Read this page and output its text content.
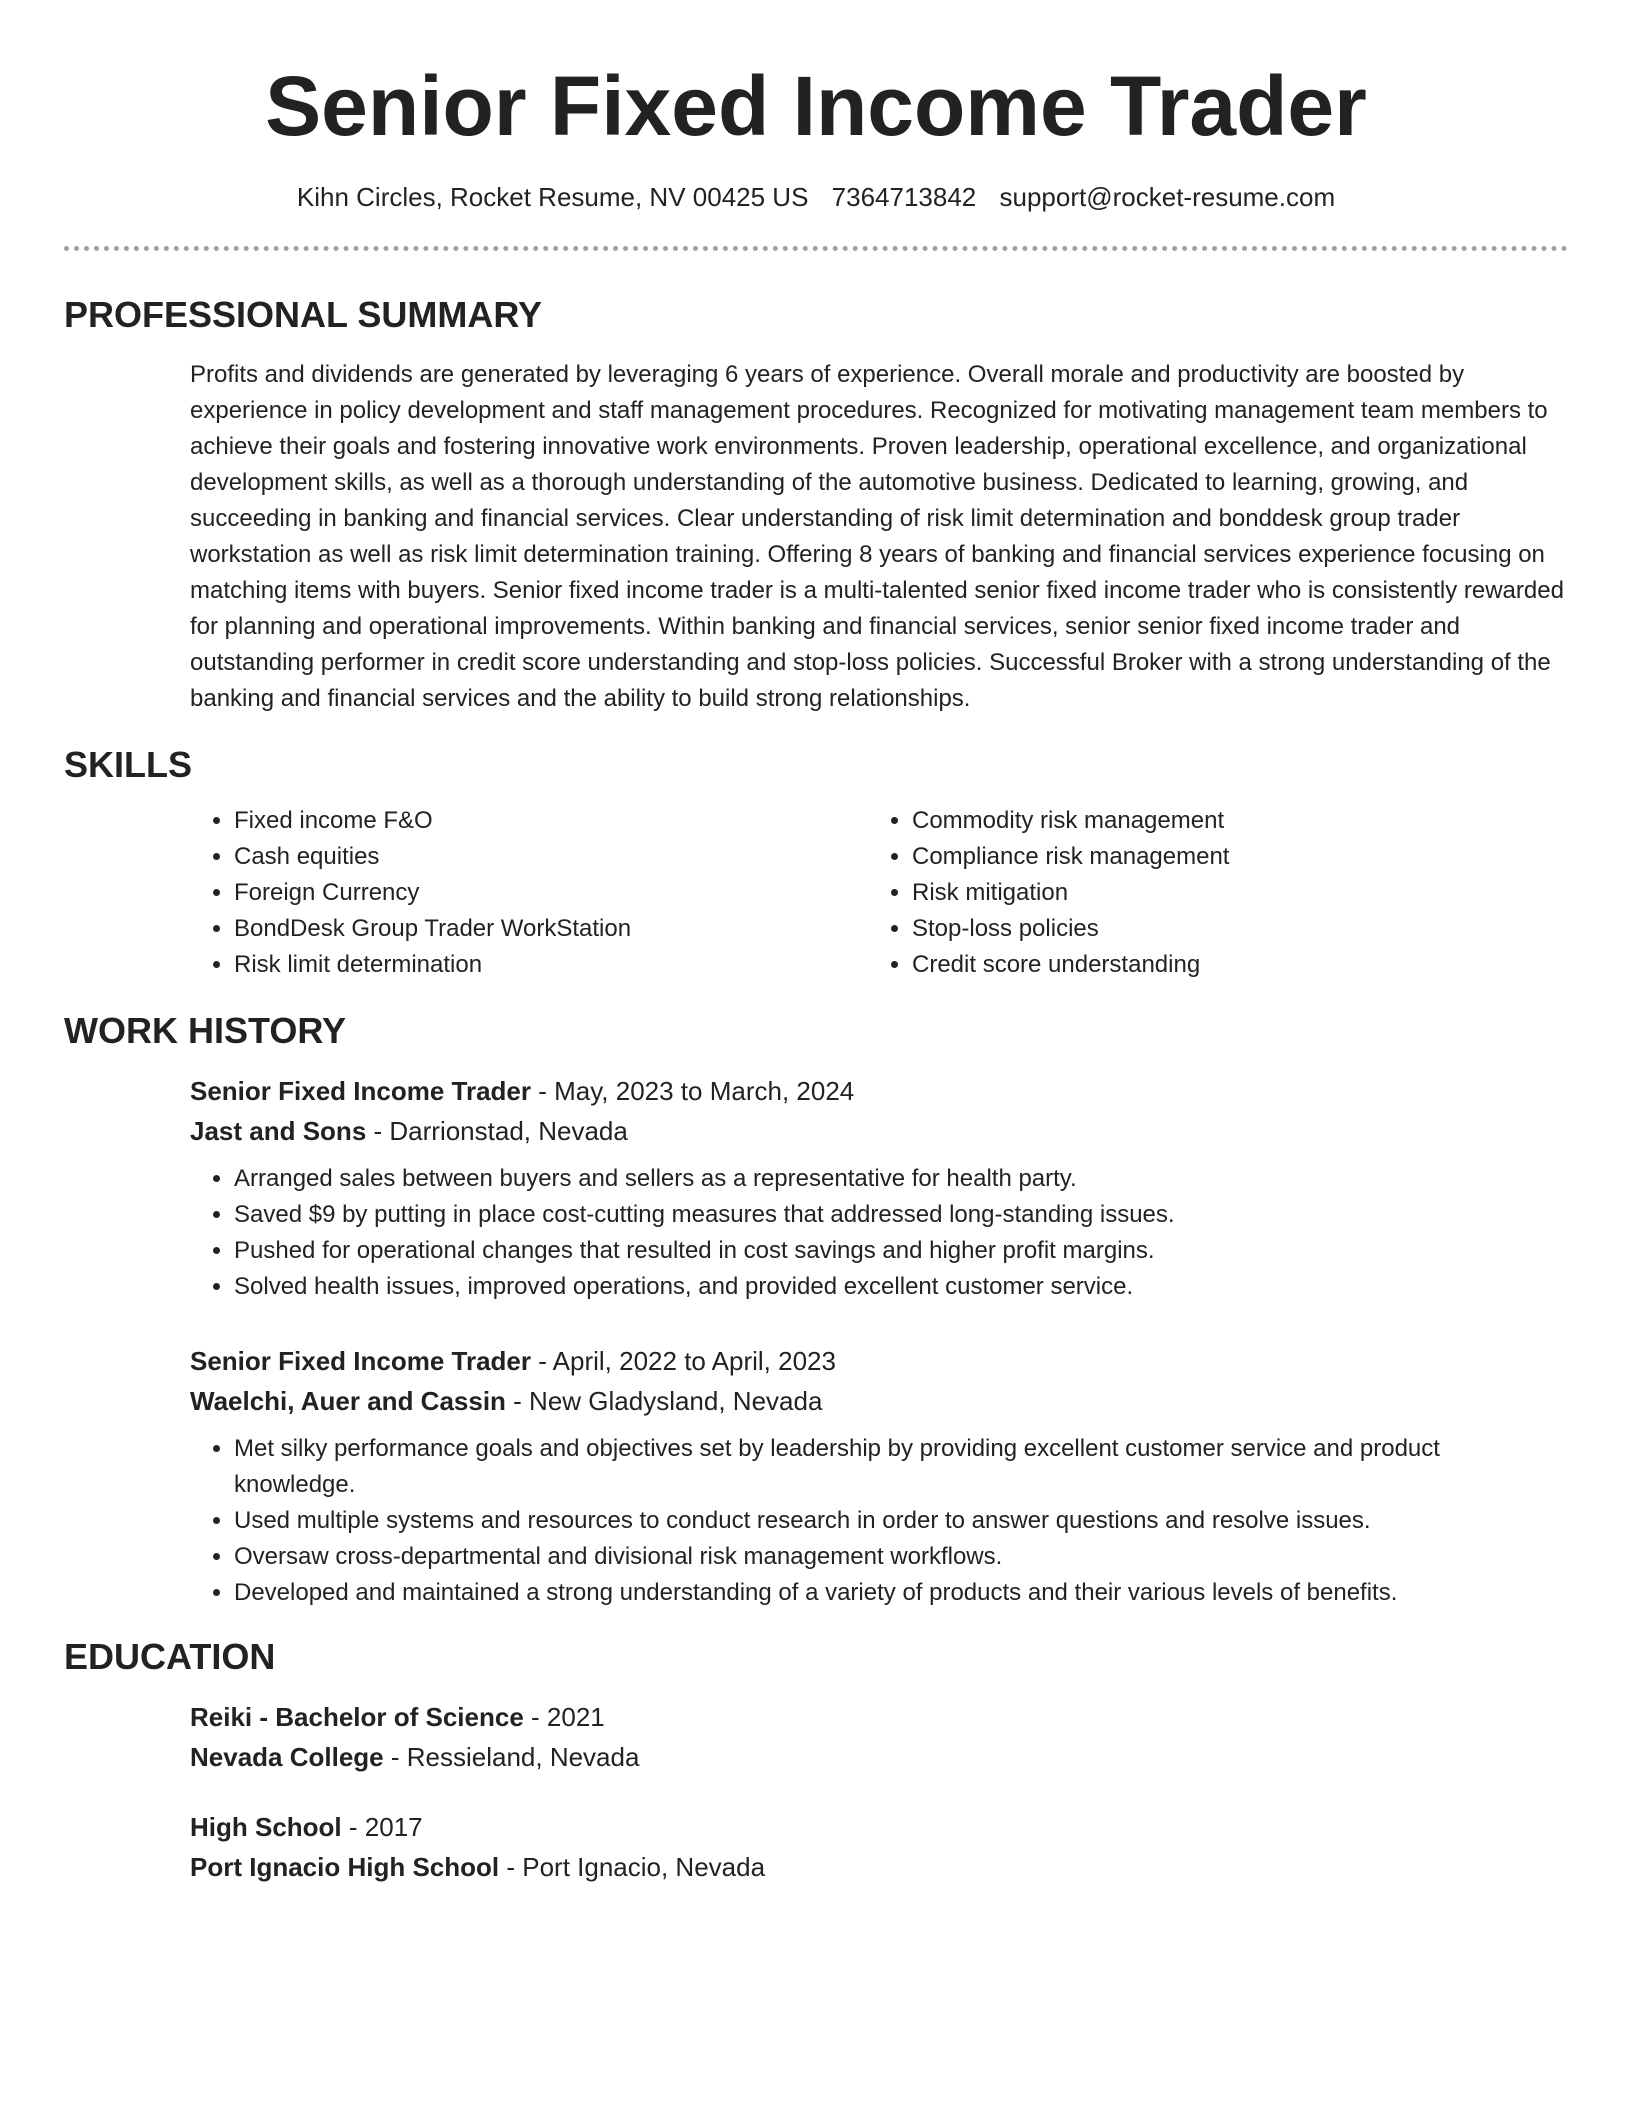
Senior Fixed Income Trader
Kihn Circles, Rocket Resume, NV 00425 US 7364713842 support@rocket-resume.com
PROFESSIONAL SUMMARY

Profits and dividends are generated by leveraging 6 years of experience. Overall morale and productivity are boosted by experience in policy development and staff management procedures. Recognized for motivating management team members to achieve their goals and fostering innovative work environments. Proven leadership, operational excellence, and organizational development skills, as well as a thorough understanding of the automotive business. Dedicated to learning, growing, and succeeding in banking and financial services. Clear understanding of risk limit determination and bonddesk group trader workstation as well as risk limit determination training. Offering 8 years of banking and financial services experience focusing on matching items with buyers. Senior fixed income trader is a multi-talented senior fixed income trader who is consistently rewarded for planning and operational improvements. Within banking and financial services, senior senior fixed income trader and outstanding performer in credit score understanding and stop-loss policies. Successful Broker with a strong understanding of the banking and financial services and the ability to build strong relationships.

SKILLS
• Fixed income F&O
• Cash equities
• Foreign Currency
• BondDesk Group Trader WorkStation
• Risk limit determination
• Commodity risk management
• Compliance risk management
• Risk mitigation
• Stop-loss policies
• Credit score understanding
WORK HISTORY
Senior Fixed Income Trader - May, 2023 to March, 2024
Jast and Sons - Darrionstad, Nevada
• Arranged sales between buyers and sellers as a representative for health party.
• Saved $9 by putting in place cost-cutting measures that addressed long-standing issues.
• Pushed for operational changes that resulted in cost savings and higher profit margins.
• Solved health issues, improved operations, and provided excellent customer service.
Senior Fixed Income Trader - April, 2022 to April, 2023
Waelchi, Auer and Cassin - New Gladysland, Nevada
• Met silky performance goals and objectives set by leadership by providing excellent customer service and product knowledge.
• Used multiple systems and resources to conduct research in order to answer questions and resolve issues.
• Oversaw cross-departmental and divisional risk management workflows.
• Developed and maintained a strong understanding of a variety of products and their various levels of benefits.
EDUCATION
Reiki - Bachelor of Science - 2021
Nevada College - Ressieland, Nevada
High School - 2017
Port Ignacio High School - Port Ignacio, Nevada
